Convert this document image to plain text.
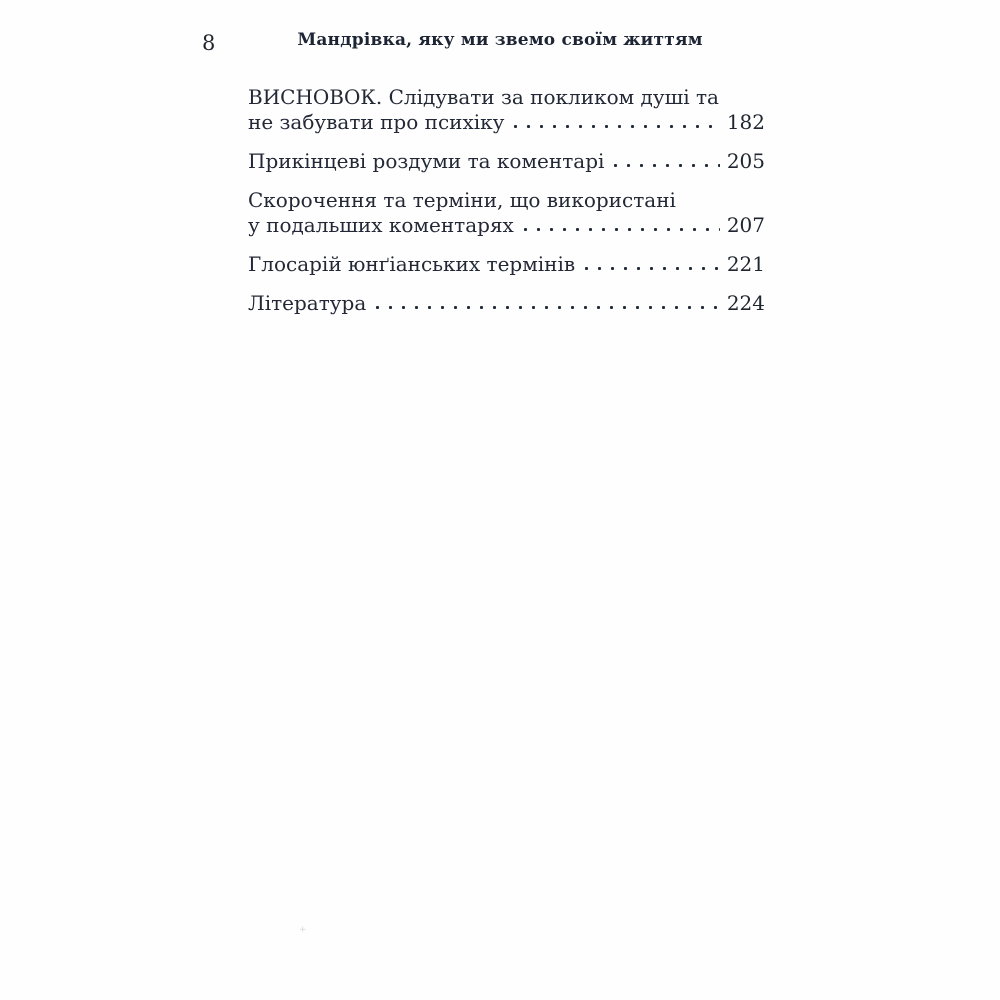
8	Мандрівка, яку ми звемо своїм життям
ВИСНОВОК. Слідувати за покликом душі та
не забувати про психіку	182
Прикінцеві роздуми та коментарі	205
Скорочення та терміни, що використані
у подальших коментарях	207
Глосарій юнґіанських термінів	221
Література	224
+
